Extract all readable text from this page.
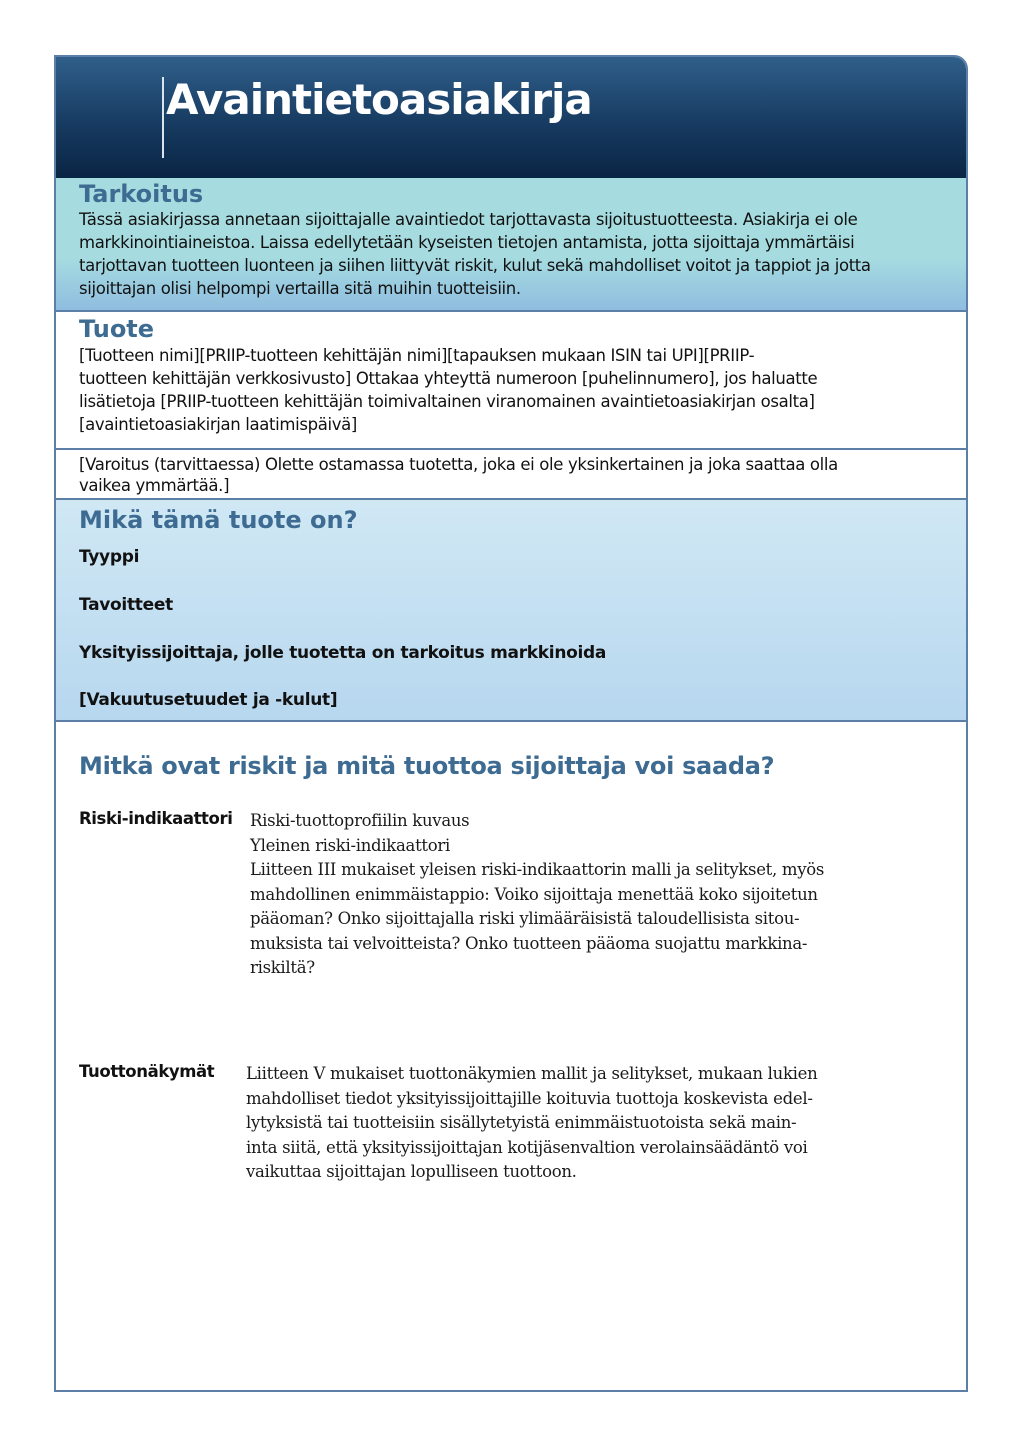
Avaintietoasiakirja
Tarkoitus
Tässä asiakirjassa annetaan sijoittajalle avaintiedot tarjottavasta sijoitustuotteesta. Asiakirja ei ole
markkinointiaineistoa. Laissa edellytetään kyseisten tietojen antamista, jotta sijoittaja ymmärtäisi
tarjottavan tuotteen luonteen ja siihen liittyvät riskit, kulut sekä mahdolliset voitot ja tappiot ja jotta
sijoittajan olisi helpompi vertailla sitä muihin tuotteisiin.
Tuote
[Tuotteen nimi][PRIIP-tuotteen kehittäjän nimi][tapauksen mukaan ISIN tai UPI][PRIIP-
tuotteen kehittäjän verkkosivusto] Ottakaa yhteyttä numeroon [puhelinnumero], jos haluatte
lisätietoja [PRIIP-tuotteen kehittäjän toimivaltainen viranomainen avaintietoasiakirjan osalta]
[avaintietoasiakirjan laatimispäivä]
[Varoitus (tarvittaessa) Olette ostamassa tuotetta, joka ei ole yksinkertainen ja joka saattaa olla
vaikea ymmärtää.]
Mikä tämä tuote on?
Tyyppi
Tavoitteet
Yksityissijoittaja, jolle tuotetta on tarkoitus markkinoida
[Vakuutusetuudet ja -kulut]
Mitkä ovat riskit ja mitä tuottoa sijoittaja voi saada?
Riski-indikaattori Riski-tuottoprofiilin kuvaus
Yleinen riski-indikaattori
Liitteen III mukaiset yleisen riski-indikaattorin malli ja selitykset, myös
mahdollinen enimmäistappio: Voiko sijoittaja menettää koko sijoitetun
pääoman? Onko sijoittajalla riski ylimääräisistä taloudellisista sitou-
muksista tai velvoitteista? Onko tuotteen pääoma suojattu markkina-
riskiltä?
Tuottonäkymät Liitteen V mukaiset tuottonäkymien mallit ja selitykset, mukaan lukien
mahdolliset tiedot yksityissijoittajille koituvia tuottoja koskevista edel-
lytyksistä tai tuotteisiin sisällytetyistä enimmäistuotoista sekä main-
inta siitä, että yksityissijoittajan kotijäsenvaltion verolainsäädäntö voi
vaikuttaa sijoittajan lopulliseen tuottoon.
